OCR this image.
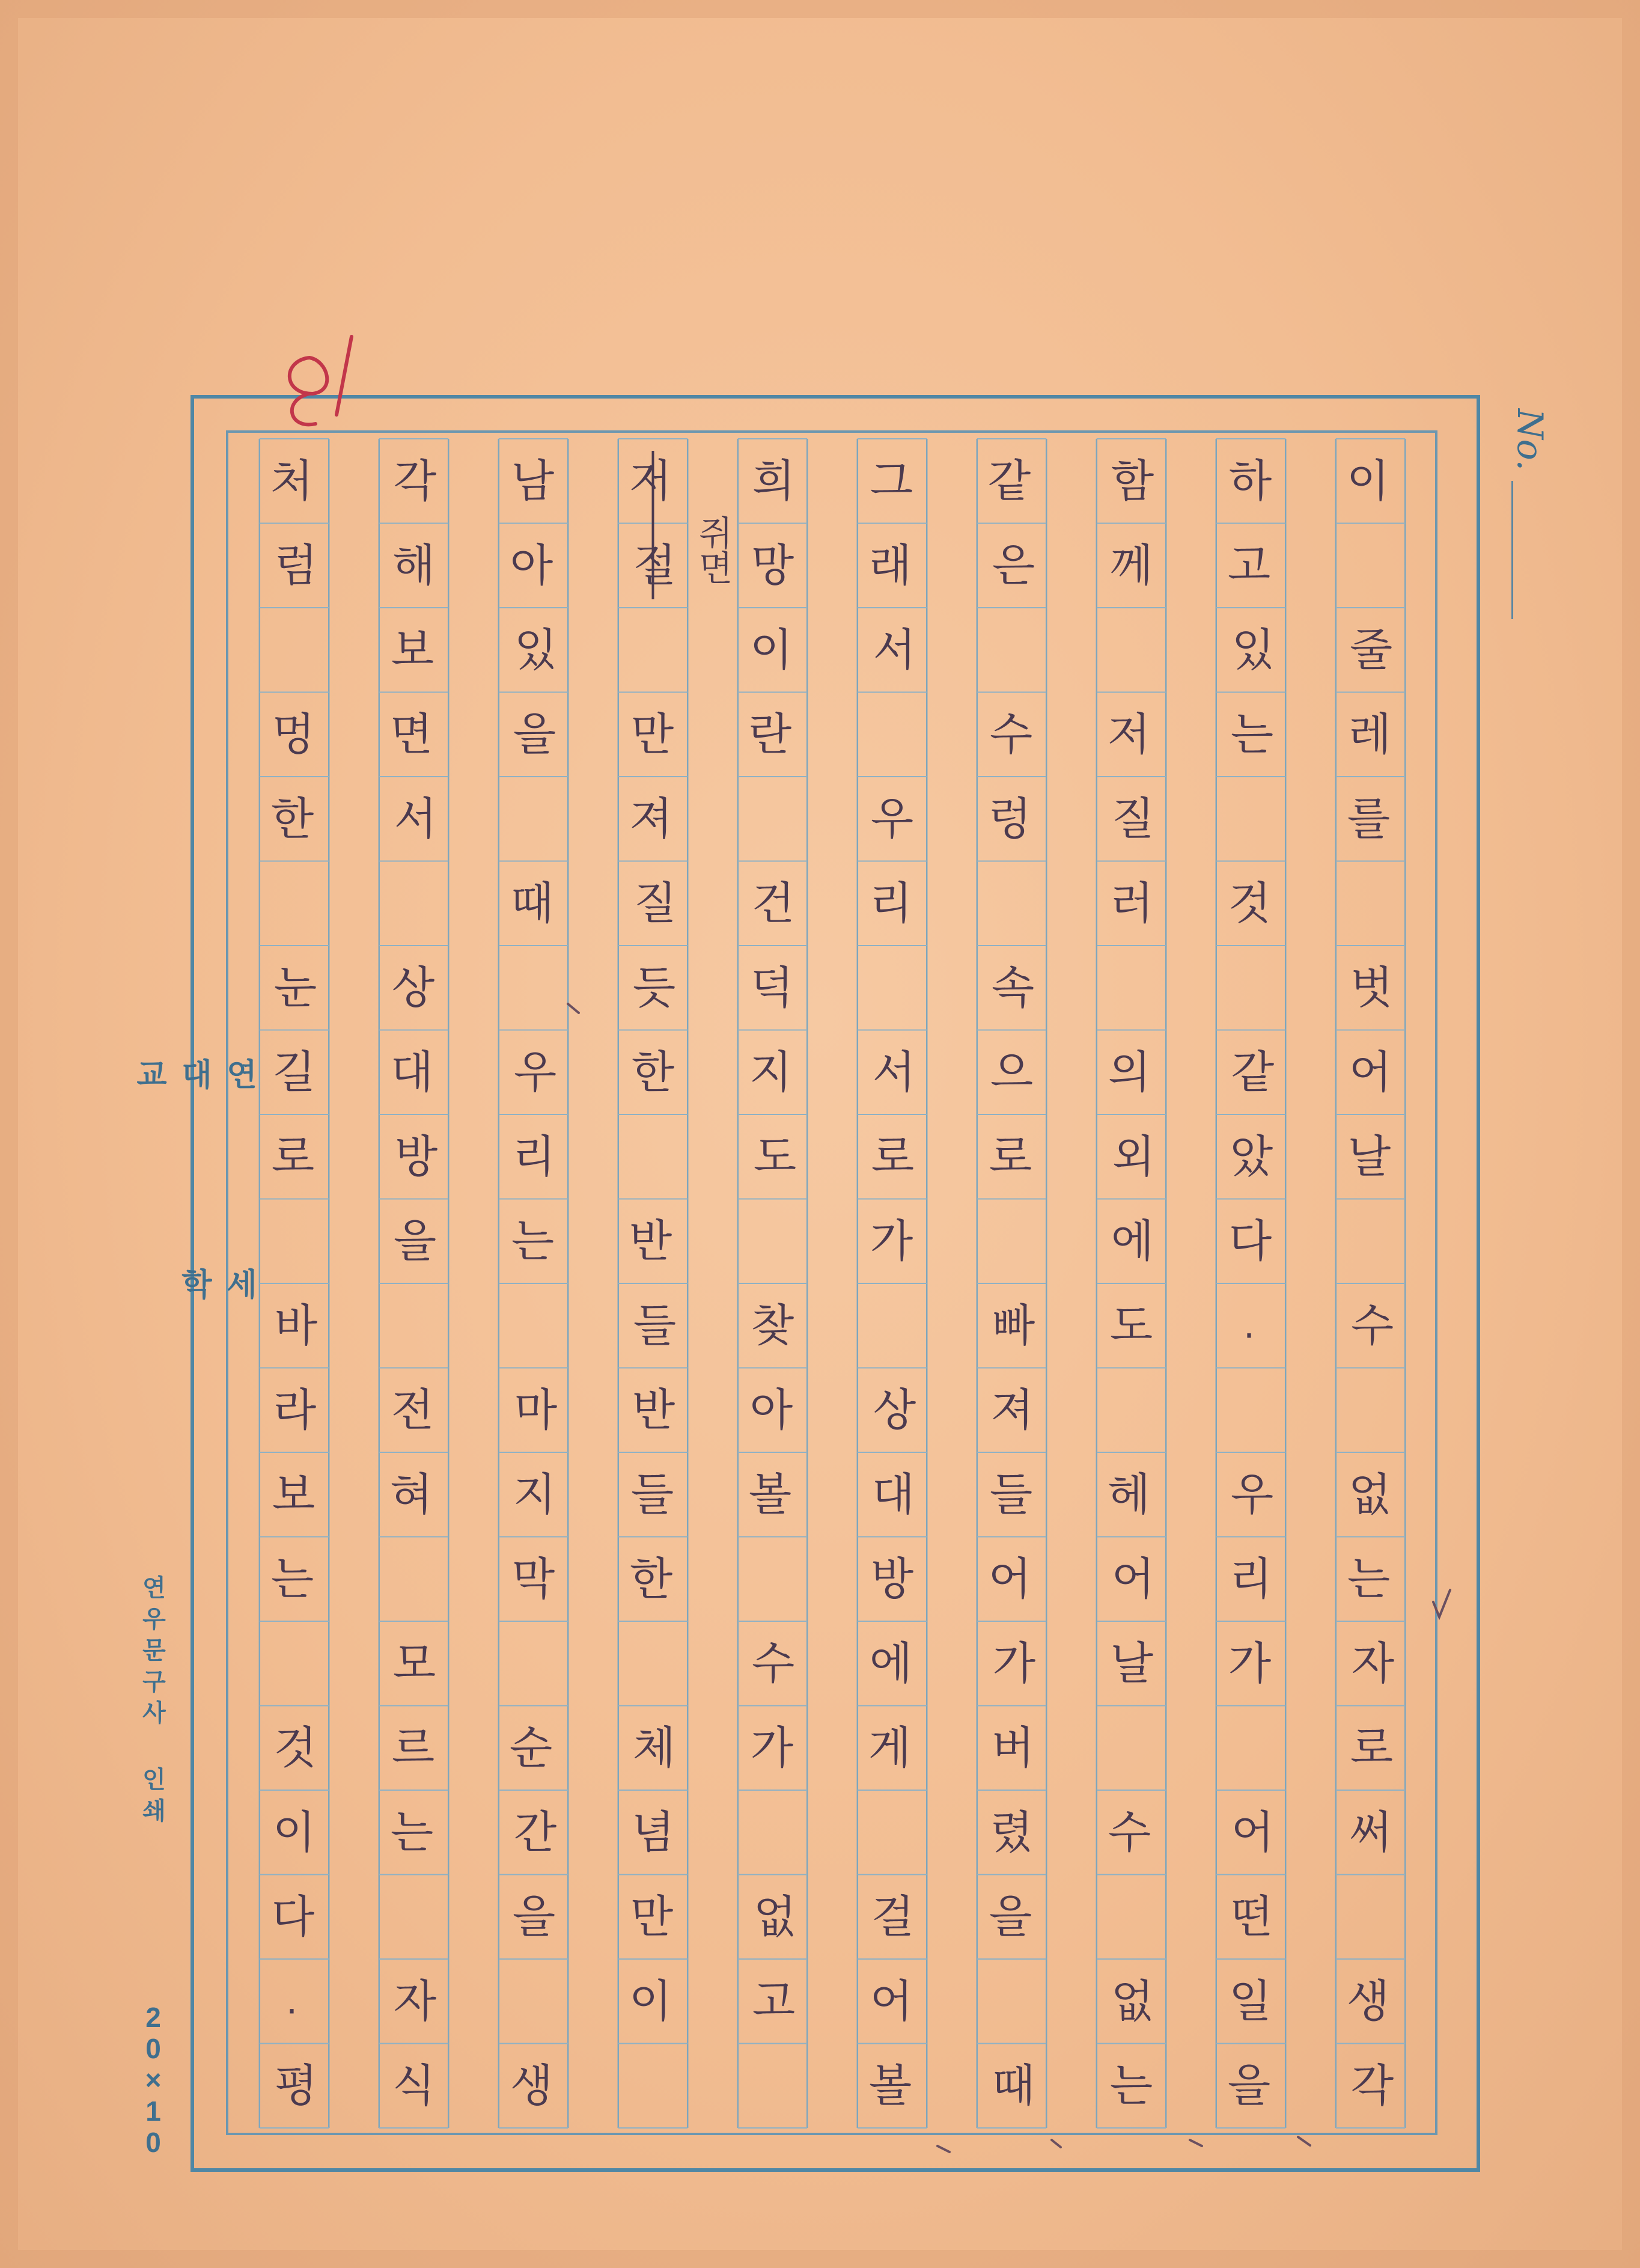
이
줄
레
를
벗
어
날
수
없
는
자
로
써
생
각
하
고
있
는
것
같
았
다
.
우
리
가
어
떤
일
을
함
께
저
질
러
의
외
에
도
헤
어
날
수
없
는
같
은
수
렁
속
으
로
빠
져
들
어
가
버
렸
을
때
그
래
서
우
리
서
로
가
상
대
방
에
게
걸
어
볼
희
망
이
란
건
덕
지
도
찾
아
볼
수
가
없
고
저
절
만
져
질
듯
한
반
들
반
들
한
체
념
만
이
쥐면
남
아
있
을
때
우
리
는
마
지
막
순
간
을
생
각
해
보
면
서
상
대
방
을
전
혀
모
르
는
자
식
처
럼
멍
한
눈
길
로
바
라
보
는
것
이
다
.
평
No.
연 세 대 학 교
연우문구사 인쇄
20×10
